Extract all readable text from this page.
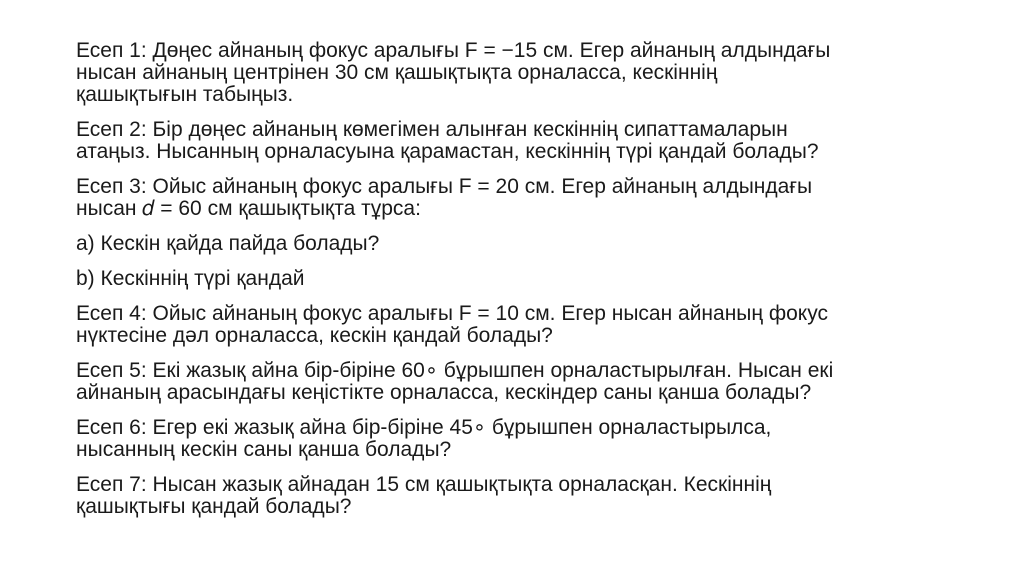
Есеп 1: Дөңес айнаның фокус аралығы F = −15 см. Егер айнаның алдындағы
нысан айнаның центрінен 30 см қашықтықта орналасса, кескіннің
қашықтығын табыңыз.

Есеп 2: Бір дөңес айнаның көмегімен алынған кескіннің сипаттамаларын
атаңыз. Нысанның орналасуына қарамастан, кескіннің түрі қандай болады?

Есеп 3: Ойыс айнаның фокус аралығы F = 20 см. Егер айнаның алдындағы
нысан 𝑑 = 60 см қашықтықта тұрса:

a) Кескін қайда пайда болады?

b) Кескіннің түрі қандай

Есеп 4: Ойыс айнаның фокус аралығы F = 10 см. Егер нысан айнаның фокус
нүктесіне дәл орналасса, кескін қандай болады?

Есеп 5: Екі жазық айна бір-біріне 60∘ бұрышпен орналастырылған. Нысан екі
айнаның арасындағы кеңістікте орналасса, кескіндер саны қанша болады?

Есеп 6: Егер екі жазық айна бір-біріне 45∘ бұрышпен орналастырылса,
нысанның кескін саны қанша болады?

Есеп 7: Нысан жазық айнадан 15 см қашықтықта орналасқан. Кескіннің
қашықтығы қандай болады?
